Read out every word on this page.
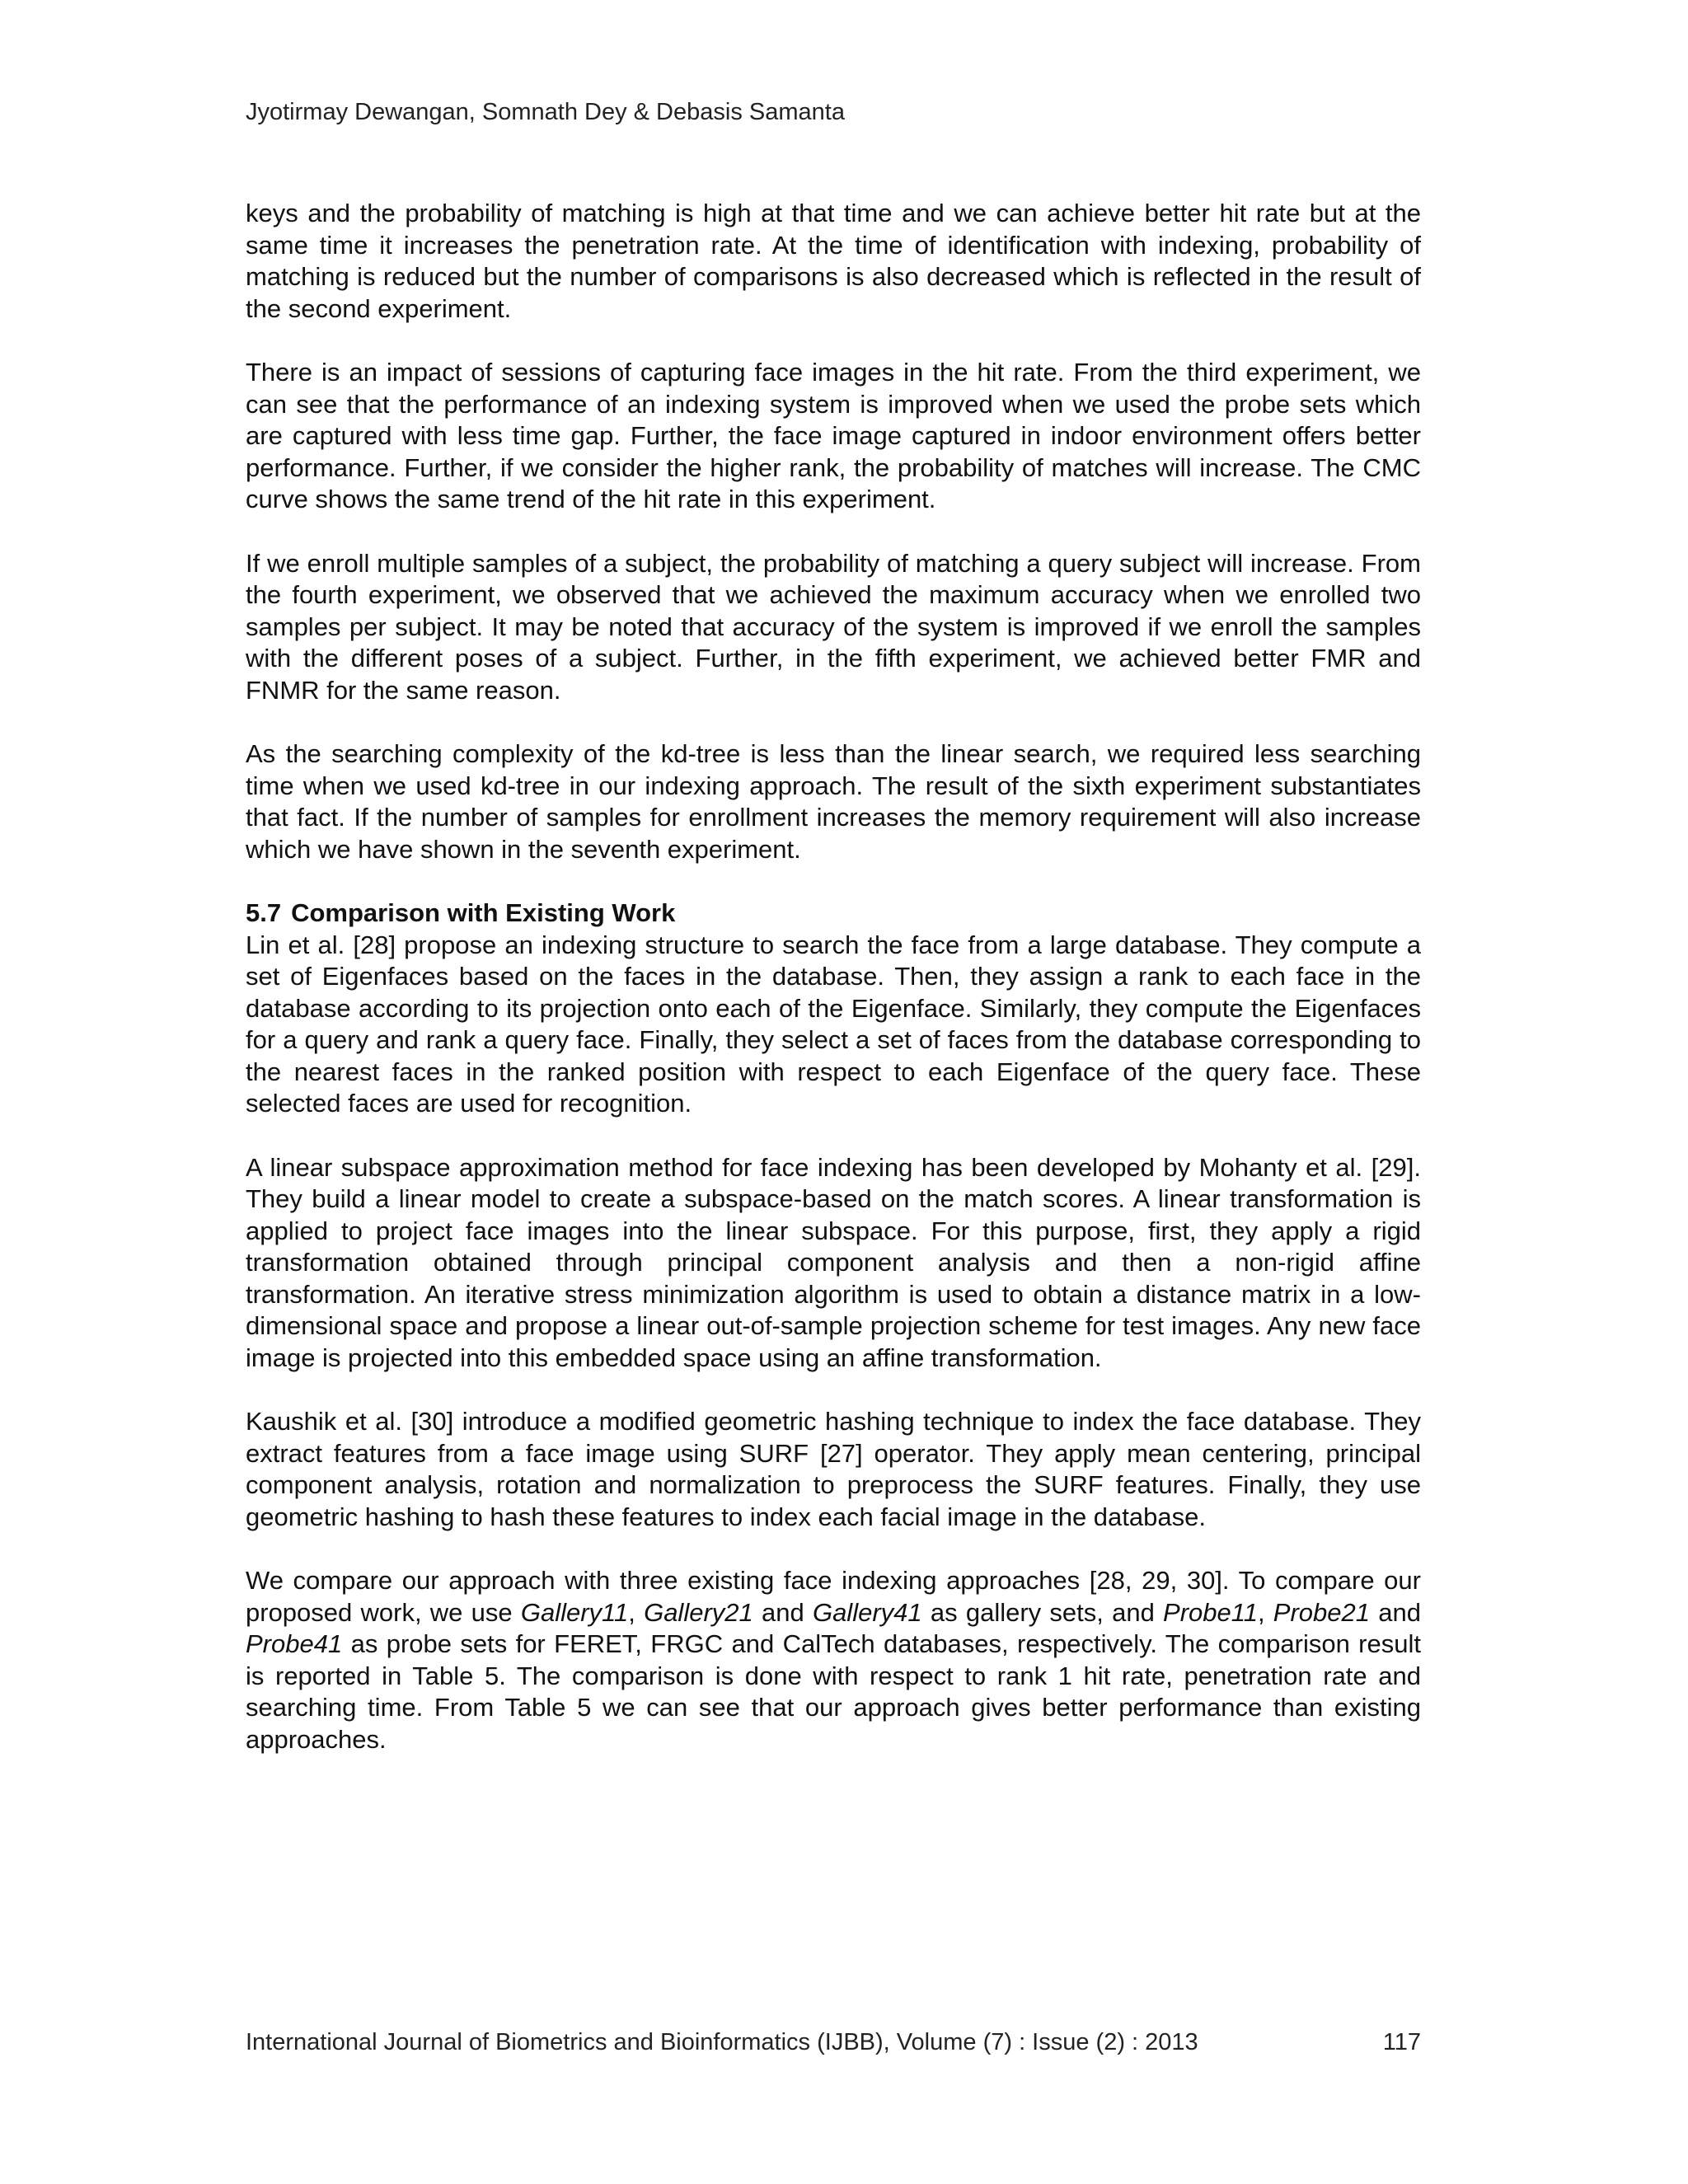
Jyotirmay Dewangan, Somnath Dey & Debasis Samanta

keys and the probability of matching is high at that time and we can achieve better hit rate but at the same time it increases the penetration rate. At the time of identification with indexing, probability of matching is reduced but the number of comparisons is also decreased which is reflected in the result of the second experiment.

There is an impact of sessions of capturing face images in the hit rate. From the third experiment, we can see that the performance of an indexing system is improved when we used the probe sets which are captured with less time gap. Further, the face image captured in indoor environment offers better performance. Further, if we consider the higher rank, the probability of matches will increase. The CMC curve shows the same trend of the hit rate in this experiment.

If we enroll multiple samples of a subject, the probability of matching a query subject will increase. From the fourth experiment, we observed that we achieved the maximum accuracy when we enrolled two samples per subject. It may be noted that accuracy of the system is improved if we enroll the samples with the different poses of a subject. Further, in the fifth experiment, we achieved better FMR and FNMR for the same reason.

As the searching complexity of the kd-tree is less than the linear search, we required less searching time when we used kd-tree in our indexing approach. The result of the sixth experiment substantiates that fact. If the number of samples for enrollment increases the memory requirement will also increase which we have shown in the seventh experiment.

5.7 Comparison with Existing Work

Lin et al. [28] propose an indexing structure to search the face from a large database. They compute a set of Eigenfaces based on the faces in the database. Then, they assign a rank to each face in the database according to its projection onto each of the Eigenface. Similarly, they compute the Eigenfaces for a query and rank a query face. Finally, they select a set of faces from the database corresponding to the nearest faces in the ranked position with respect to each Eigenface of the query face. These selected faces are used for recognition.

A linear subspace approximation method for face indexing has been developed by Mohanty et al. [29]. They build a linear model to create a subspace-based on the match scores. A linear transformation is applied to project face images into the linear subspace. For this purpose, first, they apply a rigid transformation obtained through principal component analysis and then a non-rigid affine transformation. An iterative stress minimization algorithm is used to obtain a distance matrix in a low-dimensional space and propose a linear out-of-sample projection scheme for test images. Any new face image is projected into this embedded space using an affine transformation.

Kaushik et al. [30] introduce a modified geometric hashing technique to index the face database. They extract features from a face image using SURF [27] operator. They apply mean centering, principal component analysis, rotation and normalization to preprocess the SURF features. Finally, they use geometric hashing to hash these features to index each facial image in the database.

We compare our approach with three existing face indexing approaches [28, 29, 30]. To compare our proposed work, we use Gallery11, Gallery21 and Gallery41 as gallery sets, and Probe11, Probe21 and Probe41 as probe sets for FERET, FRGC and CalTech databases, respectively. The comparison result is reported in Table 5. The comparison is done with respect to rank 1 hit rate, penetration rate and searching time. From Table 5 we can see that our approach gives better performance than existing approaches.

International Journal of Biometrics and Bioinformatics (IJBB), Volume (7) : Issue (2) : 2013	117
